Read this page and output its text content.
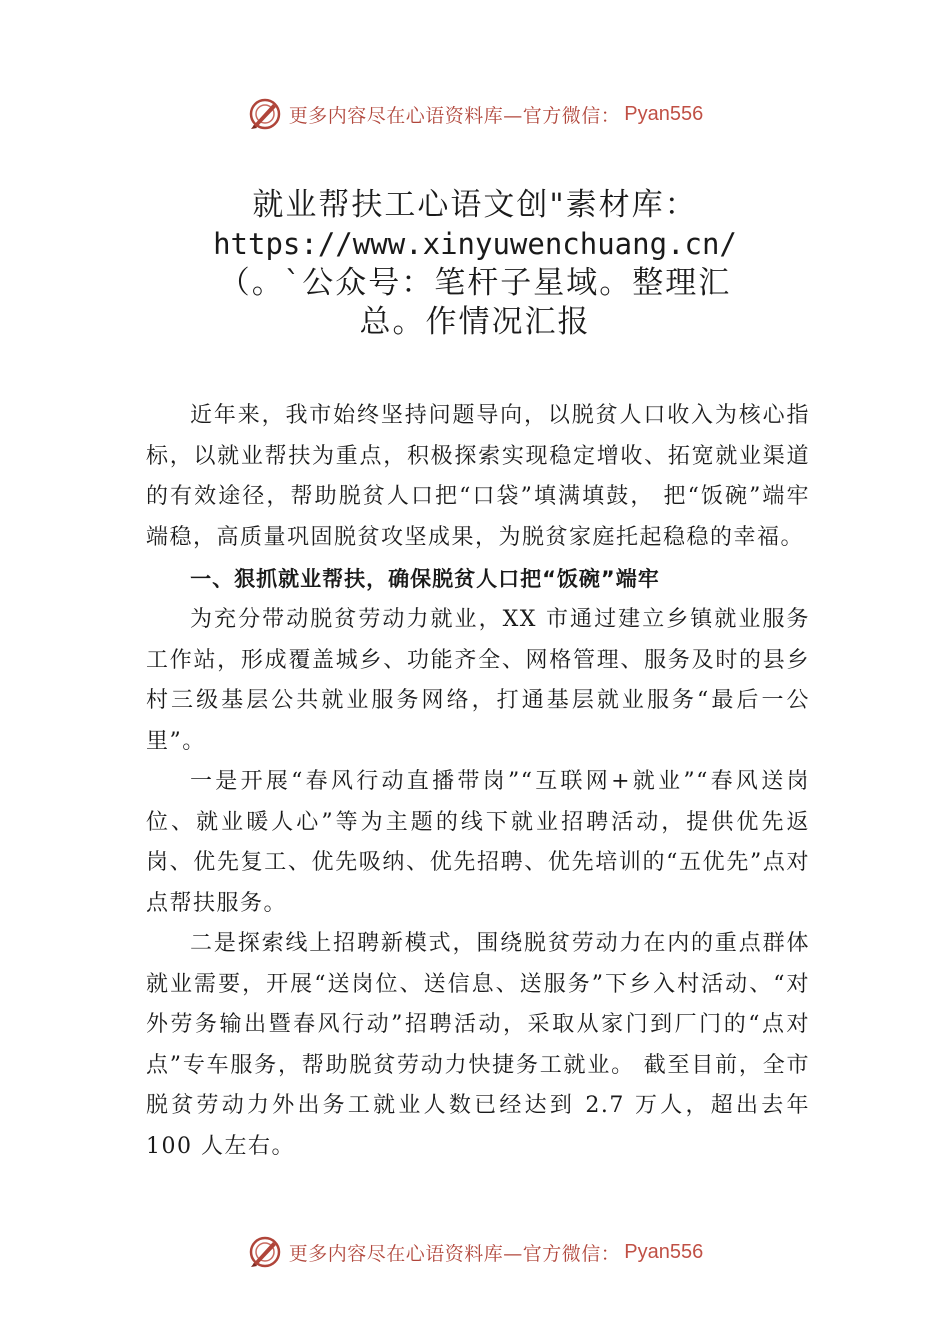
更多内容尽在心语资料库—官方微信： Pyan556
就业帮扶工心语文创"素材库：
https://www.xinyuwenchuang.cn/
（。`公众号：笔杆子星域。整理汇
总。作情况汇报

近年来，我市始终坚持问题导向，以脱贫人口收入为核心指标，以就业帮扶为重点，积极探索实现稳定增收、拓宽就业渠道的有效途径，帮助脱贫人口把“口袋”填满填鼓， 把“饭碗”端牢端稳，高质量巩固脱贫攻坚成果，为脱贫家庭托起稳稳的幸福。

一、狠抓就业帮扶，确保脱贫人口把“饭碗”端牢

为充分带动脱贫劳动力就业，XX 市通过建立乡镇就业服务工作站，形成覆盖城乡、功能齐全、网格管理、服务及时的县乡村三级基层公共就业服务网络，打通基层就业服务“最后一公里”。

一是开展“春风行动直播带岗”“互联网+就业”“春风送岗位、就业暖人心”等为主题的线下就业招聘活动，提供优先返岗、优先复工、优先吸纳、优先招聘、优先培训的“五优先”点对点帮扶服务。

二是探索线上招聘新模式，围绕脱贫劳动力在内的重点群体就业需要，开展“送岗位、送信息、送服务”下乡入村活动、“对外劳务输出暨春风行动”招聘活动，采取从家门到厂门的“点对点”专车服务，帮助脱贫劳动力快捷务工就业。 截至目前，全市脱贫劳动力外出务工就业人数已经达到 2.7 万人，超出去年 100 人左右。

更多内容尽在心语资料库—官方微信： Pyan556
